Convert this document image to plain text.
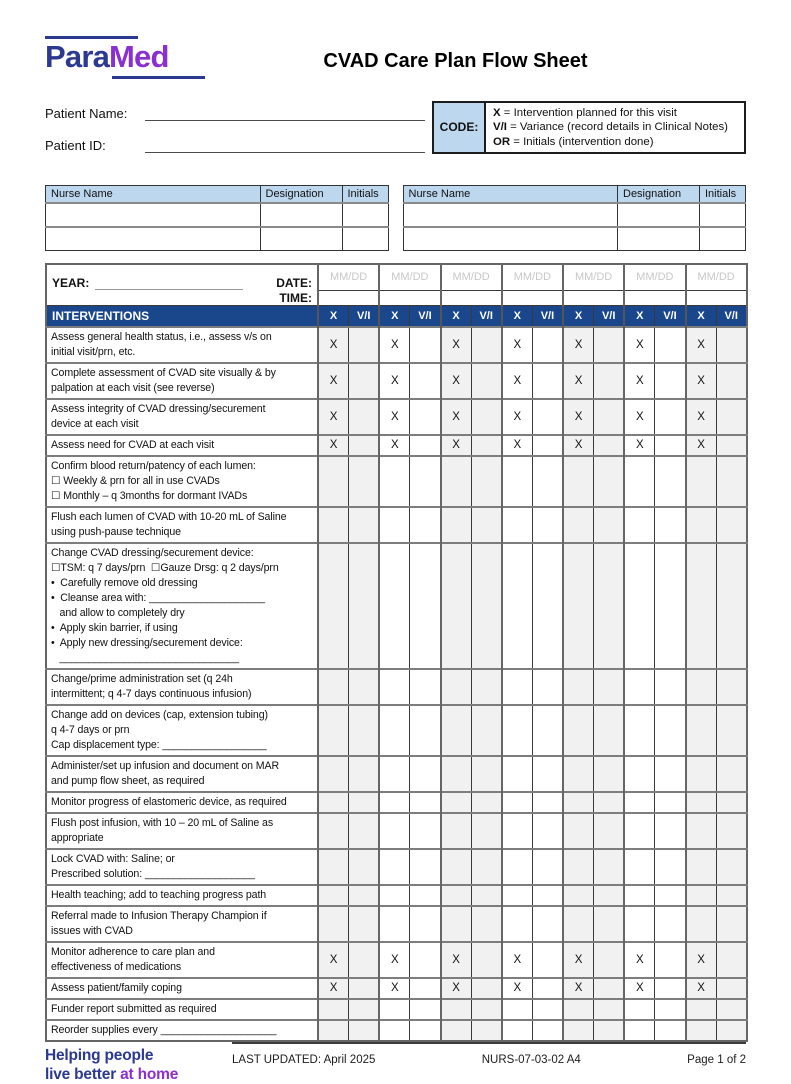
ParaMed	CVAD Care Plan Flow Sheet
Patient Name:
Patient ID:
CODE:
X = Intervention planned for this visit
V/I = Variance (record details in Clinical Notes)
OR = Initials (intervention done)
Nurse Name	Designation	Initials

			Nurse Name	Designation	Initials

YEAR: DATE:
TIME:	MM/DD		MM/DD		MM/DD		MM/DD		MM/DD		MM/DD		MM/DD	

INTERVENTIONS	X	V/I	X	V/I	X	V/I	X	V/I	X	V/I	X	V/I	X	V/I

Assess general health status, i.e., assess v/s on
initial visit/prn, etc.	X		X		X		X		X		X		X	

Complete assessment of CVAD site visually & by
palpation at each visit (see reverse)	X		X		X		X		X		X		X	

Assess integrity of CVAD dressing/securement
device at each visit	X		X		X		X		X		X		X	

Assess need for CVAD at each visit	X		X		X		X		X		X		X	

Confirm blood return/patency of each lumen:
☐ Weekly & prn for all in use CVADs
☐ Monthly – q 3months for dormant IVADs														

Flush each lumen of CVAD with 10-20 mL of Saline
using push-pause technique														

Change CVAD dressing/securement device:
☐TSM: q 7 days/prn  ☐Gauze Drsg: q 2 days/prn
•  Carefully remove old dressing
•  Cleanse area with: ____________________
and allow to completely dry
•  Apply skin barrier, if using
•  Apply new dressing/securement device:
_______________________________

Change/prime administration set (q 24h
intermittent; q 4-7 days continuous infusion)														

Change add on devices (cap, extension tubing)
q 4-7 days or prn
Cap displacement type: __________________														

Administer/set up infusion and document on MAR
and pump flow sheet, as required														

Monitor progress of elastomeric device, as required														

Flush post infusion, with 10 – 20 mL of Saline as
appropriate														

Lock CVAD with: Saline; or
Prescribed solution: ___________________														

Health teaching; add to teaching progress path														

Referral made to Infusion Therapy Champion if
issues with CVAD														

Monitor adherence to care plan and
effectiveness of medications	X		X		X		X		X		X		X	

Assess patient/family coping	X		X		X		X		X		X		X	

Funder report submitted as required														

Reorder supplies every ____________________														

Helping people
live better at home
LAST UPDATED: April 2025	NURS-07-03-02 A4	Page 1 of 2
